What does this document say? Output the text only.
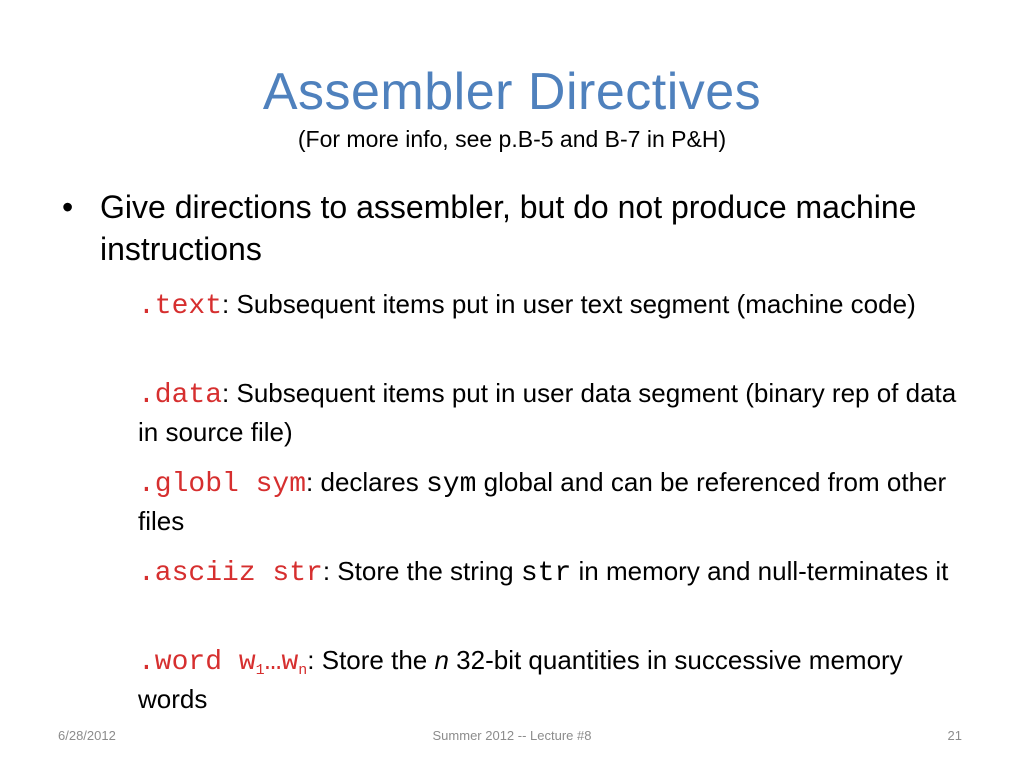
Assembler Directives
(For more info, see p.B-5 and B-7 in P&H)
• Give directions to assembler, but do not produce machine instructions
.text: Subsequent items put in user text segment (machine code)
.data: Subsequent items put in user data segment (binary rep of data in source file)
.globl sym: declares sym global and can be referenced from other files
.asciiz str: Store the string str in memory and null-terminates it
.word $w_1\dots w_n$: Store the n 32-bit quantities in successive memory words
6/28/2012	Summer 2012 -- Lecture #8	21
